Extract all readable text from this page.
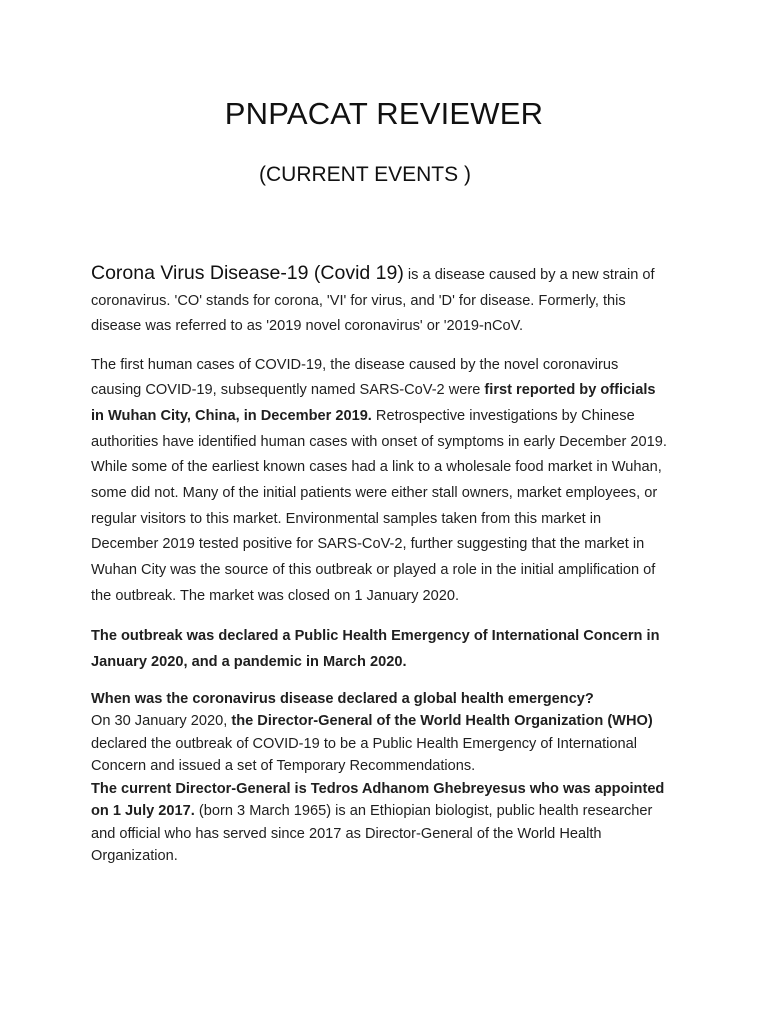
PNPACAT REVIEWER
(CURRENT EVENTS )

Corona Virus Disease-19 (Covid 19) is a disease caused by a new strain of coronavirus. 'CO' stands for corona, 'VI' for virus, and 'D' for disease. Formerly, this disease was referred to as '2019 novel coronavirus' or '2019-nCoV.

The first human cases of COVID-19, the disease caused by the novel coronavirus causing COVID-19, subsequently named SARS-CoV-2 were first reported by officials in Wuhan City, China, in December 2019. Retrospective investigations by Chinese authorities have identified human cases with onset of symptoms in early December 2019. While some of the earliest known cases had a link to a wholesale food market in Wuhan, some did not. Many of the initial patients were either stall owners, market employees, or regular visitors to this market. Environmental samples taken from this market in December 2019 tested positive for SARS-CoV-2, further suggesting that the market in Wuhan City was the source of this outbreak or played a role in the initial amplification of the outbreak. The market was closed on 1 January 2020.

The outbreak was declared a Public Health Emergency of International Concern in January 2020, and a pandemic in March 2020.

When was the coronavirus disease declared a global health emergency?
On 30 January 2020, the Director-General of the World Health Organization (WHO) declared the outbreak of COVID-19 to be a Public Health Emergency of International Concern and issued a set of Temporary Recommendations.
The current Director-General is Tedros Adhanom Ghebreyesus who was appointed on 1 July 2017. (born 3 March 1965) is an Ethiopian biologist, public health researcher and official who has served since 2017 as Director-General of the World Health Organization.
